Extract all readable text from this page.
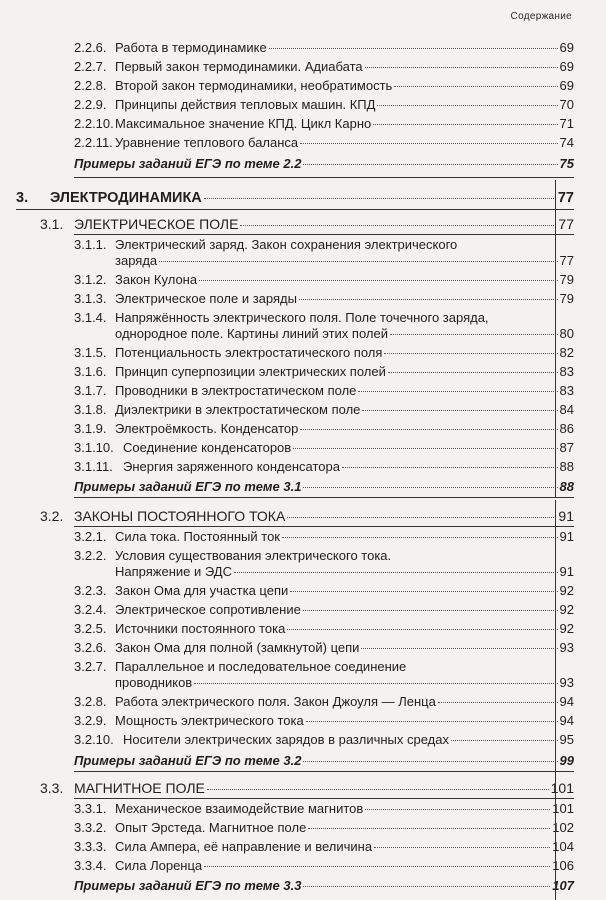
Содержание
2.2.6. Работа в термодинамике	69
2.2.7. Первый закон термодинамики. Адиабата	69
2.2.8. Второй закон термодинамики, необратимость	69
2.2.9. Принципы действия тепловых машин. КПД	70
2.2.10. Максимальное значение КПД. Цикл Карно	71
2.2.11. Уравнение теплового баланса	74
Примеры заданий ЕГЭ по теме 2.2	75
3.	ЭЛЕКТРОДИНАМИКА	77
3.1. ЭЛЕКТРИЧЕСКОЕ ПОЛЕ	77
3.1.1. Электрический заряд. Закон сохранения электрического
заряда	77
3.1.2. Закон Кулона	79
3.1.3. Электрическое поле и заряды	79
3.1.4. Напряжённость электрического поля. Поле точечного заряда,
однородное поле. Картины линий этих полей	80
3.1.5. Потенциальность электростатического поля	82
3.1.6. Принцип суперпозиции электрических полей	83
3.1.7. Проводники в электростатическом поле	83
3.1.8. Диэлектрики в электростатическом поле	84
3.1.9. Электроёмкость. Конденсатор	86
3.1.10. Соединение конденсаторов	87
3.1.11. Энергия заряженного конденсатора	88
Примеры заданий ЕГЭ по теме 3.1	88
3.2. ЗАКОНЫ ПОСТОЯННОГО ТОКА	91
3.2.1. Сила тока. Постоянный ток	91
3.2.2. Условия существования электрического тока.
Напряжение и ЭДС	91
3.2.3. Закон Ома для участка цепи	92
3.2.4. Электрическое сопротивление	92
3.2.5. Источники постоянного тока	92
3.2.6. Закон Ома для полной (замкнутой) цепи	93
3.2.7. Параллельное и последовательное соединение
проводников	93
3.2.8. Работа электрического поля. Закон Джоуля — Ленца	94
3.2.9. Мощность электрического тока	94
3.2.10. Носители электрических зарядов в различных средах	95
Примеры заданий ЕГЭ по теме 3.2	99
3.3. МАГНИТНОЕ ПОЛЕ	101
3.3.1. Механическое взаимодействие магнитов	101
3.3.2. Опыт Эрстеда. Магнитное поле	102
3.3.3. Сила Ампера, её направление и величина	104
3.3.4. Сила Лоренца	106
Примеры заданий ЕГЭ по теме 3.3	107
